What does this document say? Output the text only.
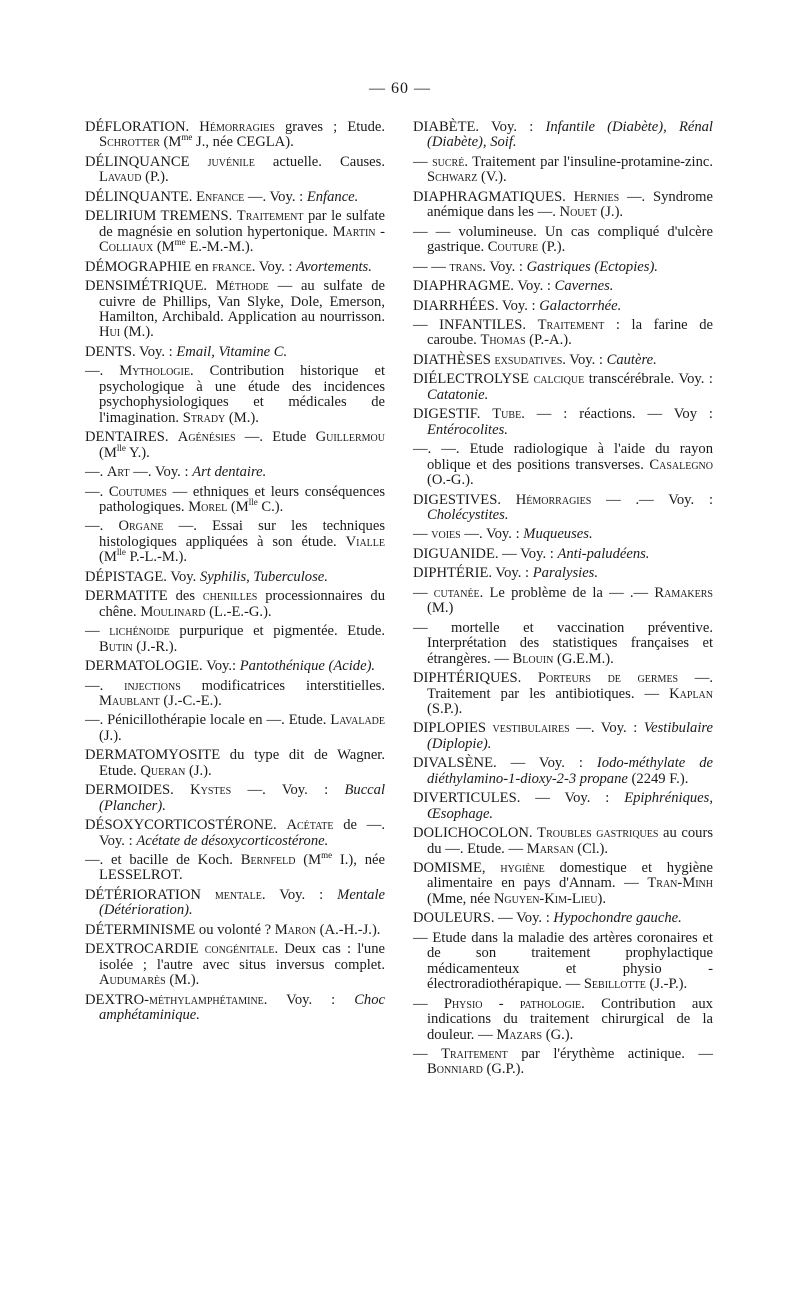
— 60 —

DÉFLORATION. Hémorragies graves ; Etude. Schrotter ($M^{me}$ J., née CEGLA).

DÉLINQUANCE juvénile actuelle. Causes. Lavaud (P.).

DÉLINQUANTE. Enfance —. Voy. : Enfance.

DELIRIUM TREMENS. Traitement par le sulfate de magnésie en solution hypertonique. Martin - Colliaux ($M^{me}$ E.-M.-M.).

DÉMOGRAPHIE en france. Voy. : Avortements.

DENSIMÉTRIQUE. Méthode — au sulfate de cuivre de Phillips, Van Slyke, Dole, Emerson, Hamilton, Archibald. Application au nourrisson. Hui (M.).

DENTS. Voy. : Email, Vitamine C.

—. Mythologie. Contribution historique et psychologique à une étude des incidences psychophysiologiques et médicales de l'imagination. Strady (M.).

DENTAIRES. Agénésies —. Etude Guillermou ($M^{lle}$ Y.).

—. Art —. Voy. : Art dentaire.

—. Coutumes — ethniques et leurs conséquences pathologiques. Morel ($M^{lle}$ C.).

—. Organe —. Essai sur les techniques histologiques appliquées à son étude. Vialle ($M^{lle}$ P.-L.-M.).

DÉPISTAGE. Voy. Syphilis, Tuberculose.

DERMATITE des chenilles processionnaires du chêne. Moulinard (L.-E.-G.).

— lichénoide purpurique et pigmentée. Etude. Butin (J.-R.).

DERMATOLOGIE. Voy.: Pantothénique (Acide).

—. injections modificatrices interstitielles. Maublant (J.-C.-E.).

—. Pénicillothérapie locale en —. Etude. Lavalade (J.).

DERMATOMYOSITE du type dit de Wagner. Etude. Queran (J.).

DERMOIDES. Kystes —. Voy. : Buccal (Plancher).

DÉSOXYCORTICOSTÉRONE. Acétate de —. Voy. : Acétate de désoxycorticostérone.

—. et bacille de Koch. Bernfeld ($M^{me}$ I.), née LESSELROT.

DÉTÉRIORATION mentale. Voy. : Mentale (Détérioration).

DÉTERMINISME ou volonté ? Maron (A.-H.-J.).

DEXTROCARDIE congénitale. Deux cas : l'une isolée ; l'autre avec situs inversus complet. Audumarès (M.).

DEXTRO-méthylamphétamine. Voy. : Choc amphétaminique.

DIABÈTE. Voy. : Infantile (Diabète), Rénal (Diabète), Soif.

— sucré. Traitement par l'insuline-protamine-zinc. Schwarz (V.).

DIAPHRAGMATIQUES. Hernies —. Syndrome anémique dans les —. Nouet (J.).

— — volumineuse. Un cas compliqué d'ulcère gastrique. Couture (P.).

— — trans. Voy. : Gastriques (Ectopies).

DIAPHRAGME. Voy. : Cavernes.

DIARRHÉES. Voy. : Galactorrhée.

— INFANTILES. Traitement : la farine de caroube. Thomas (P.-A.).

DIATHÈSES exsudatives. Voy. : Cautère.

DIÉLECTROLYSE calcique transcérébrale. Voy. : Catatonie.

DIGESTIF. Tube. — : réactions. — Voy : Entérocolites.

—. —. Etude radiologique à l'aide du rayon oblique et des positions transverses. Casalegno (O.-G.).

DIGESTIVES. Hémorragies — .— Voy. : Cholécystites.

— voies —. Voy. : Muqueuses.

DIGUANIDE. — Voy. : Anti-paludéens.

DIPHTÉRIE. Voy. : Paralysies.

— cutanée. Le problème de la — .— Ramakers (M.)

— mortelle et vaccination préventive. Interprétation des statistiques françaises et étrangères. — Blouin (G.E.M.).

DIPHTÉRIQUES. Porteurs de germes —. Traitement par les antibiotiques. — Kaplan (S.P.).

DIPLOPIES vestibulaires —. Voy. : Vestibulaire (Diplopie).

DIVALSÈNE. — Voy. : Iodo-méthylate de diéthylamino-1-dioxy-2-3 propane (2249 F.).

DIVERTICULES. — Voy. : Epiphréniques, Œsophage.

DOLICHOCOLON. Troubles gastriques au cours du —. Etude. — Marsan (Cl.).

DOMISME, hygiène domestique et hygiène alimentaire en pays d'Annam. — Tran-Minh (Mme, née Nguyen-Kim-Lieu).

DOULEURS. — Voy. : Hypochondre gauche.

— Etude dans la maladie des artères coronaires et de son traitement prophylactique médicamenteux et physio - électroradiothérapique. — Sebillotte (J.-P.).

— Physio - pathologie. Contribution aux indications du traitement chirurgical de la douleur. — Mazars (G.).

— Traitement par l'érythème actinique. — Bonniard (G.P.).
